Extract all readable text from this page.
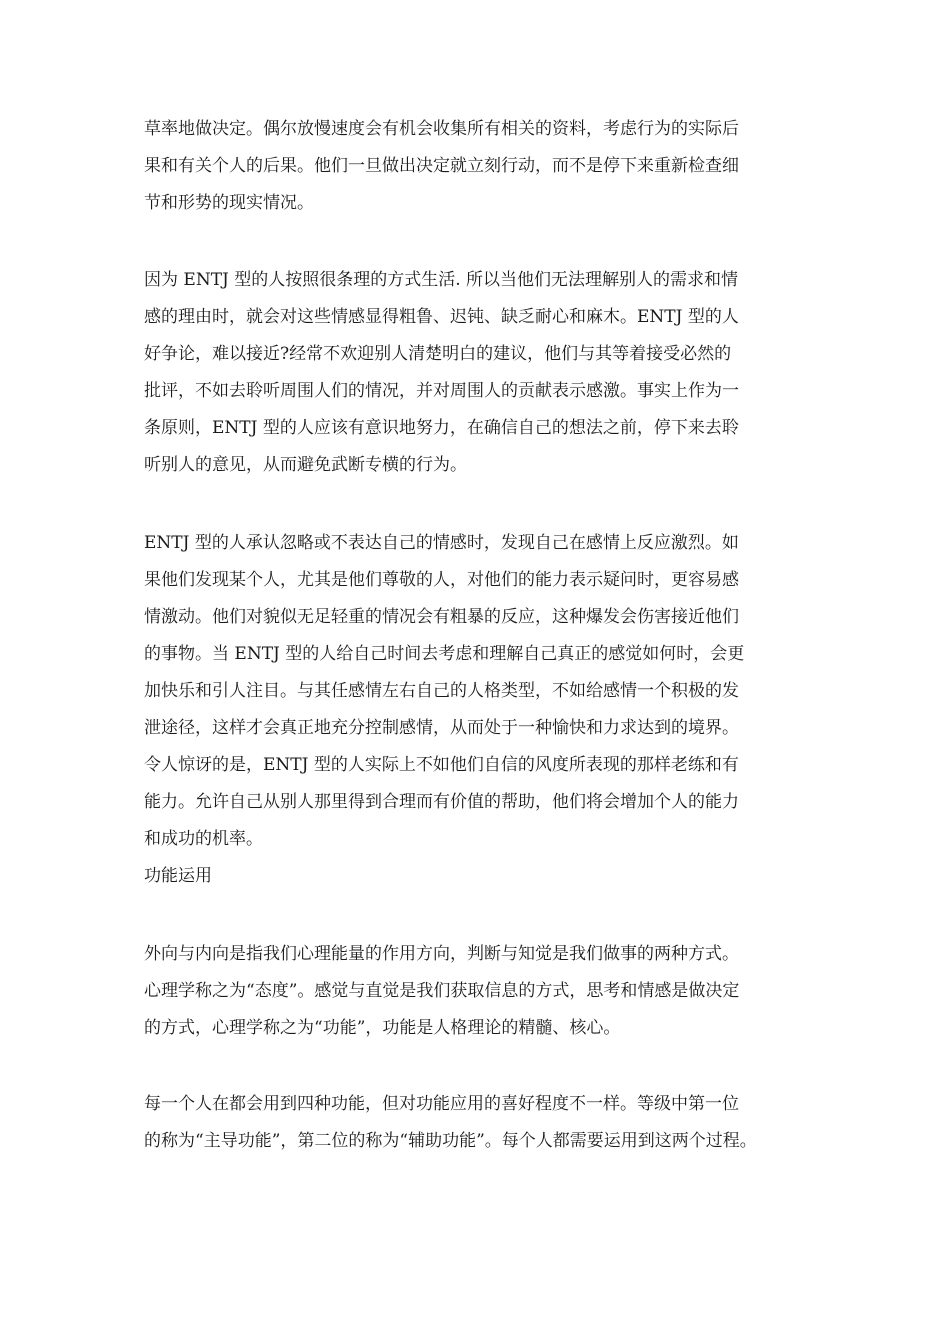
草率地做决定。偶尔放慢速度会有机会收集所有相关的资料，考虑行为的实际后
果和有关个人的后果。他们一旦做出决定就立刻行动，而不是停下来重新检查细
节和形势的现实情况。
因为 ENTJ 型的人按照很条理的方式生活. 所以当他们无法理解别人的需求和情
感的理由时，就会对这些情感显得粗鲁、迟钝、缺乏耐心和麻木。ENTJ 型的人
好争论，难以接近?经常不欢迎别人清楚明白的建议，他们与其等着接受必然的
批评，不如去聆听周围人们的情况，并对周围人的贡献表示感激。事实上作为一
条原则，ENTJ 型的人应该有意识地努力，在确信自己的想法之前，停下来去聆
听别人的意见，从而避免武断专横的行为。
ENTJ 型的人承认忽略或不表达自己的情感时，发现自己在感情上反应激烈。如
果他们发现某个人，尤其是他们尊敬的人，对他们的能力表示疑问时，更容易感
情激动。他们对貌似无足轻重的情况会有粗暴的反应，这种爆发会伤害接近他们
的事物。当 ENTJ 型的人给自己时间去考虑和理解自己真正的感觉如何时，会更
加快乐和引人注目。与其任感情左右自己的人格类型，不如给感情一个积极的发
泄途径，这样才会真正地充分控制感情，从而处于一种愉快和力求达到的境界。
令人惊讶的是，ENTJ 型的人实际上不如他们自信的风度所表现的那样老练和有
能力。允许自己从别人那里得到合理而有价值的帮助，他们将会增加个人的能力
和成功的机率。
功能运用
外向与内向是指我们心理能量的作用方向，判断与知觉是我们做事的两种方式。
心理学称之为“态度”。感觉与直觉是我们获取信息的方式，思考和情感是做决定
的方式，心理学称之为“功能”，功能是人格理论的精髓、核心。
每一个人在都会用到四种功能，但对功能应用的喜好程度不一样。等级中第一位
的称为“主导功能”，第二位的称为“辅助功能”。每个人都需要运用到这两个过程。
